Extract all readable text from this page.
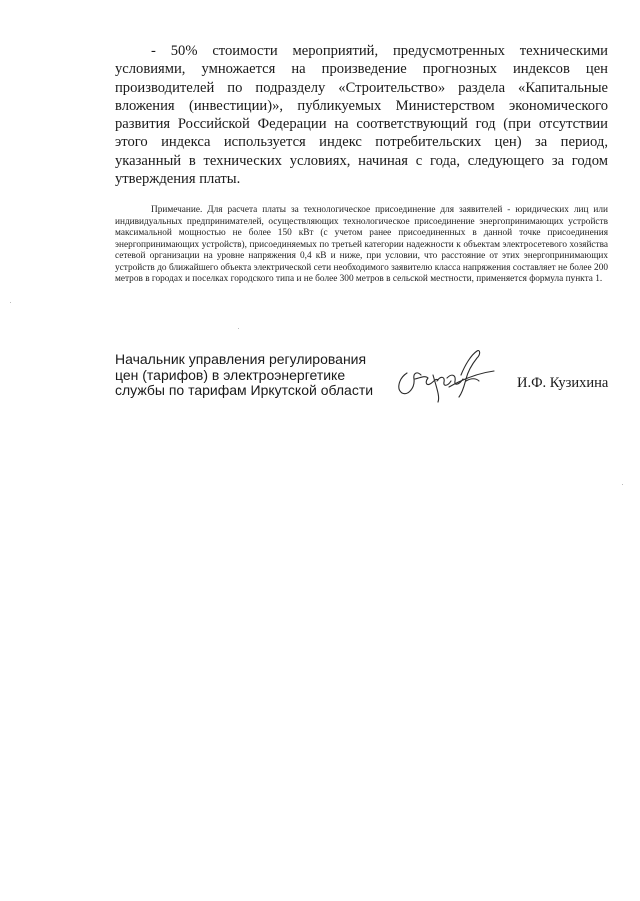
- 50% стоимости мероприятий, предусмотренных техническими условиями, умножается на произведение прогнозных индексов цен производителей по подразделу «Строительство» раздела «Капитальные вложения (инвестиции)», публикуемых Министерством экономического развития Российской Федерации на соответствующий год (при отсутствии этого индекса используется индекс потребительских цен) за период, указанный в технических условиях, начиная с года, следующего за годом утверждения платы.

Примечание. Для расчета платы за технологическое присоединение для заявителей - юридических лиц или индивидуальных предпринимателей, осуществляющих технологическое присоединение энергопринимающих устройств максимальной мощностью не более 150 кВт (с учетом ранее присоединенных в данной точке присоединения энергопринимающих устройств), присоединяемых по третьей категории надежности к объектам электросетевого хозяйства сетевой организации на уровне напряжения 0,4 кВ и ниже, при условии, что расстояние от этих энергопринимающих устройств до ближайшего объекта электрической сети необходимого заявителю класса напряжения составляет не более 200 метров в городах и поселках городского типа и не более 300 метров в сельской местности, применяется формула пункта 1.

Начальник управления регулирования
цен (тарифов) в электроэнергетике
службы по тарифам Иркутской области	И.Ф. Кузихина
